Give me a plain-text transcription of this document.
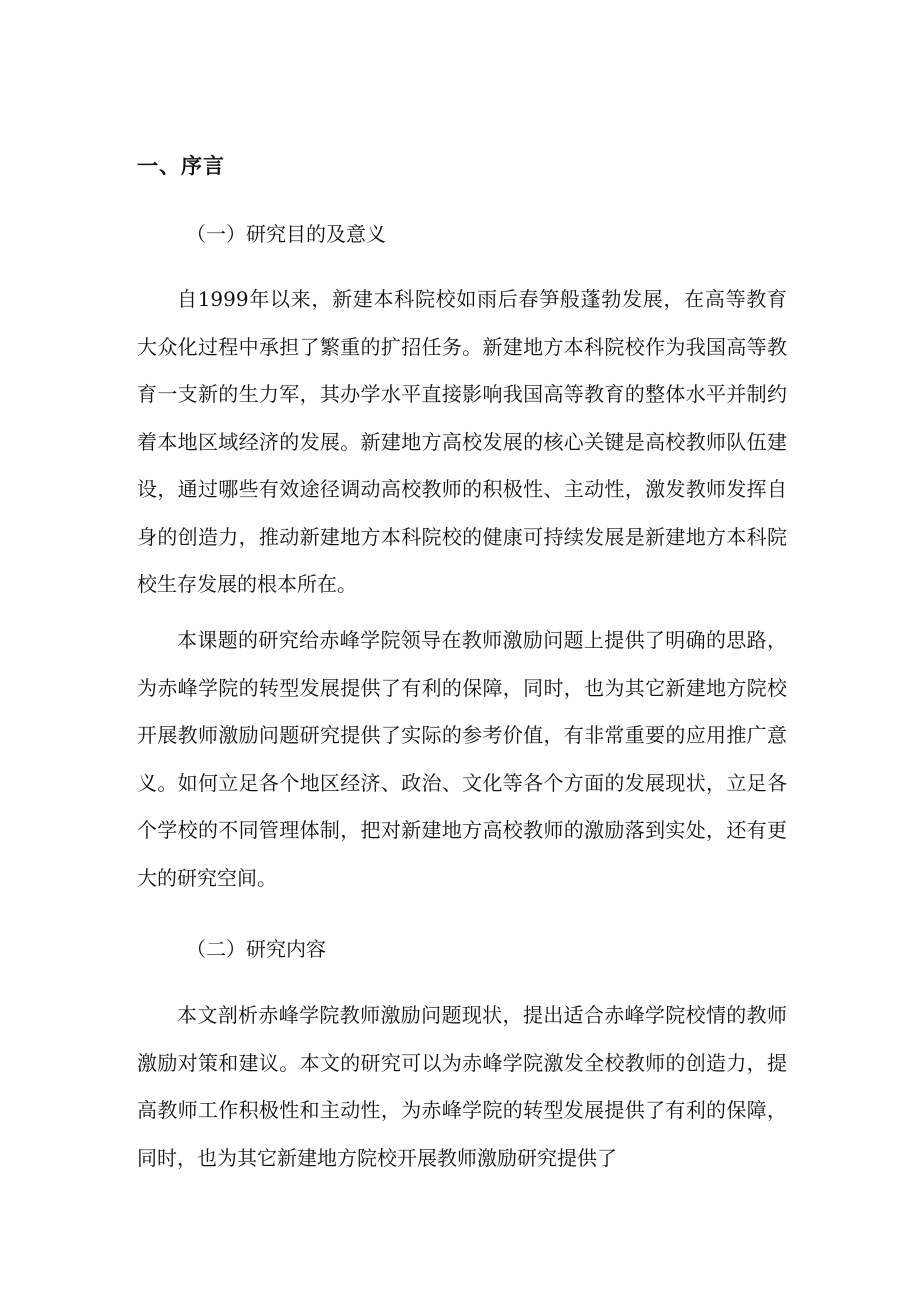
一、序言
（一）研究目的及意义

自1999年以来，新建本科院校如雨后春笋般蓬勃发展，在高等教育大众化过程中承担了繁重的扩招任务。新建地方本科院校作为我国高等教育一支新的生力军，其办学水平直接影响我国高等教育的整体水平并制约着本地区域经济的发展。新建地方高校发展的核心关键是高校教师队伍建设，通过哪些有效途径调动高校教师的积极性、主动性，激发教师发挥自身的创造力，推动新建地方本科院校的健康可持续发展是新建地方本科院校生存发展的根本所在。

本课题的研究给赤峰学院领导在教师激励问题上提供了明确的思路，为赤峰学院的转型发展提供了有利的保障，同时，也为其它新建地方院校开展教师激励问题研究提供了实际的参考价值，有非常重要的应用推广意义。如何立足各个地区经济、政治、文化等各个方面的发展现状，立足各个学校的不同管理体制，把对新建地方高校教师的激励落到实处，还有更大的研究空间。

（二）研究内容

本文剖析赤峰学院教师激励问题现状，提出适合赤峰学院校情的教师激励对策和建议。本文的研究可以为赤峰学院激发全校教师的创造力，提高教师工作积极性和主动性，为赤峰学院的转型发展提供了有利的保障，同时，也为其它新建地方院校开展教师激励研究提供了
